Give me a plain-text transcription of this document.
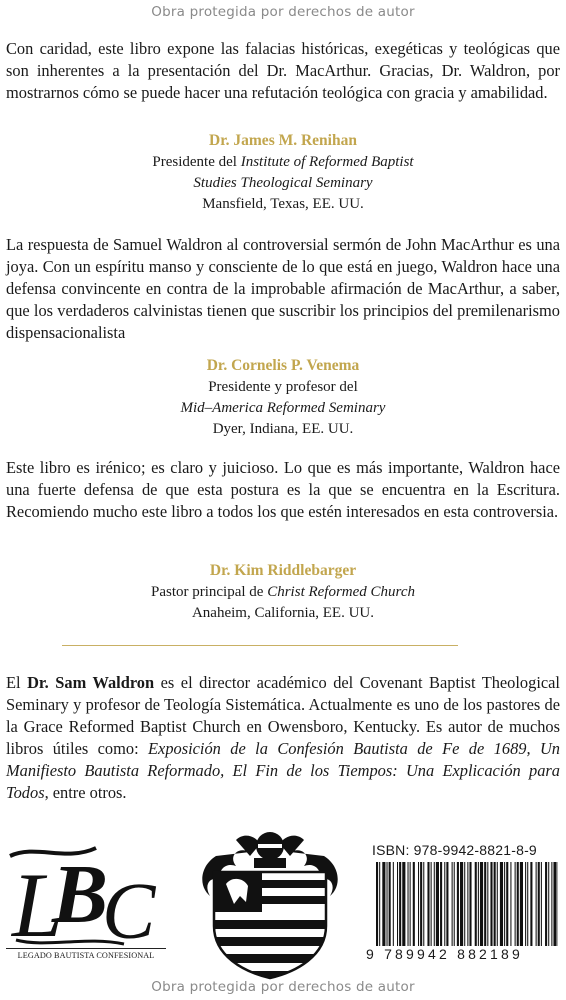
Obra protegida por derechos de autor

Con caridad, este libro expone las falacias históricas, exegéticas y teológicas que son inherentes a la presentación del Dr. MacArthur. Gracias, Dr. Waldron, por mostrarnos cómo se puede hacer una refutación teológica con gracia y amabilidad.

Dr. James M. Renihan
Presidente del Institute of Reformed Baptist
Studies Theological Seminary
Mansfield, Texas, EE. UU.

La respuesta de Samuel Waldron al controversial sermón de John MacArthur es una joya. Con un espíritu manso y consciente de lo que está en juego, Waldron hace una defensa convincente en contra de la improbable afirmación de MacArthur, a saber, que los verdaderos calvinistas tienen que suscribir los principios del premilenarismo dispensacionalista

Dr. Cornelis P. Venema
Presidente y profesor del
Mid–America Reformed Seminary
Dyer, Indiana, EE. UU.

Este libro es irénico; es claro y juicioso. Lo que es más importante, Waldron hace una fuerte defensa de que esta postura es la que se encuentra en la Escritura. Recomiendo mucho este libro a todos los que estén interesados en esta controversia.

Dr. Kim Riddlebarger
Pastor principal de Christ Reformed Church
Anaheim, California, EE. UU.

El Dr. Sam Waldron es el director académico del Covenant Baptist Theological Seminary y profesor de Teología Sistemática. Actualmente es uno de los pastores de la Grace Reformed Baptist Church en Owensboro, Kentucky. Es autor de muchos libros útiles como: Exposición de la Confesión Bautista de Fe de 1689, Un Manifiesto Bautista Reformado, El Fin de los Tiempos: Una Explicación para Todos, entre otros.

L
B
C
LEGADO BAUTISTA CONFESIONAL
ISBN: 978-9942-8821-8-9
9 789942 882189
Obra protegida por derechos de autor
